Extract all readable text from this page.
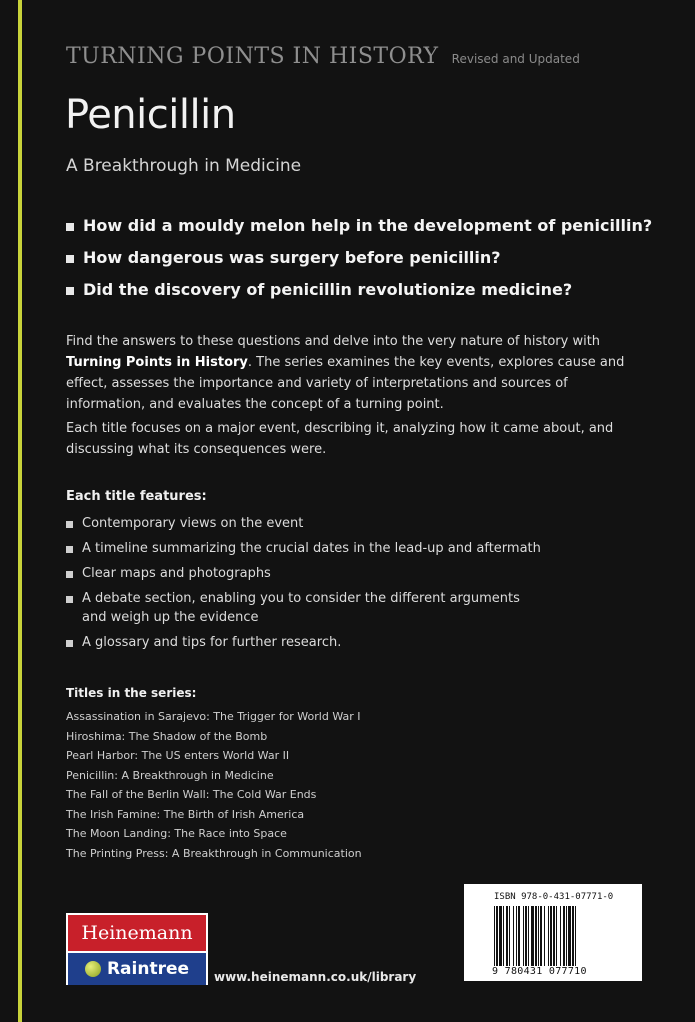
TURNING POINTS IN HISTORY Revised and Updated
Penicillin
A Breakthrough in Medicine
How did a mouldy melon help in the development of penicillin?
How dangerous was surgery before penicillin?
Did the discovery of penicillin revolutionize medicine?

Find the answers to these questions and delve into the very nature of history with Turning Points in History. The series examines the key events, explores cause and effect, assesses the importance and variety of interpretations and sources of information, and evaluates the concept of a turning point.

Each title focuses on a major event, describing it, analyzing how it came about, and discussing what its consequences were.

Each title features:
Contemporary views on the event
A timeline summarizing the crucial dates in the lead-up and aftermath
Clear maps and photographs
A debate section, enabling you to consider the different arguments and weigh up the evidence
A glossary and tips for further research.
Titles in the series:
Assassination in Sarajevo: The Trigger for World War I
Hiroshima: The Shadow of the Bomb
Pearl Harbor: The US enters World War II
Penicillin: A Breakthrough in Medicine
The Fall of the Berlin Wall: The Cold War Ends
The Irish Famine: The Birth of Irish America
The Moon Landing: The Race into Space
The Printing Press: A Breakthrough in Communication
Heinemann
Raintree www.heinemann.co.uk/library
ISBN 978-0-431-07771-0
9 780431 077710
